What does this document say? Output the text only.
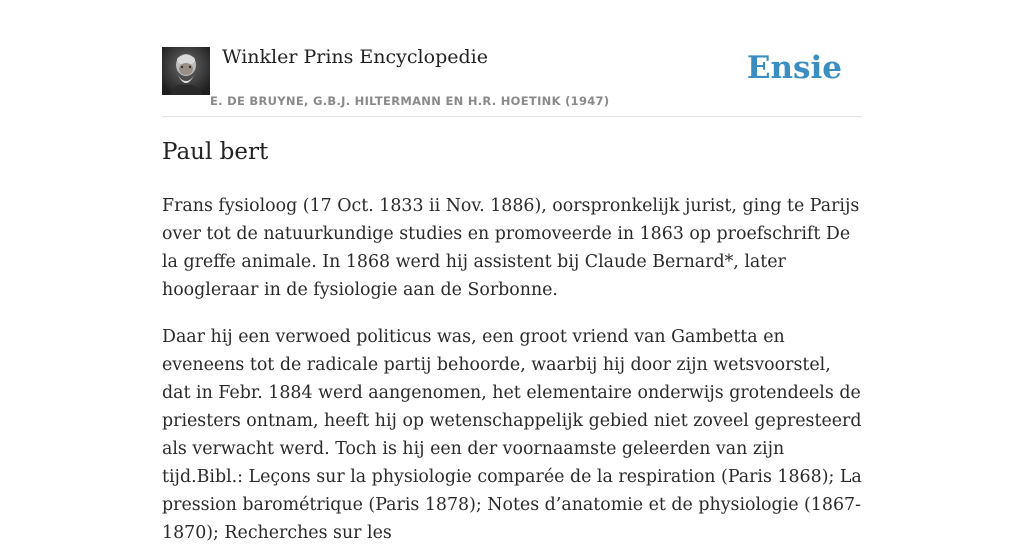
Winkler Prins Encyclopedie
E. DE BRUYNE, G.B.J. HILTERMANN EN H.R. HOETINK (1947)
Ensie
Paul bert

Frans fysioloog (17 Oct. 1833 ii Nov. 1886), oorspronkelijk jurist, ging te Parijs over tot de natuurkundige studies en promoveerde in 1863 op proefschrift De la greffe animale. In 1868 werd hij assistent bij Claude Bernard*, later hoogleraar in de fysiologie aan de Sorbonne.

Daar hij een verwoed politicus was, een groot vriend van Gambetta en eveneens tot de radicale partij behoorde, waarbij hij door zijn wetsvoorstel, dat in Febr. 1884 werd aangenomen, het elementaire onderwijs grotendeels de priesters ontnam, heeft hij op wetenschappelijk gebied niet zoveel gepresteerd als verwacht werd. Toch is hij een der voornaamste geleerden van zijn tijd.Bibl.: Leçons sur la physiologie comparée de la respiration (Paris 1868); La pression barométrique (Paris 1878); Notes d’anatomie et de physiologie (1867-1870); Recherches sur les
